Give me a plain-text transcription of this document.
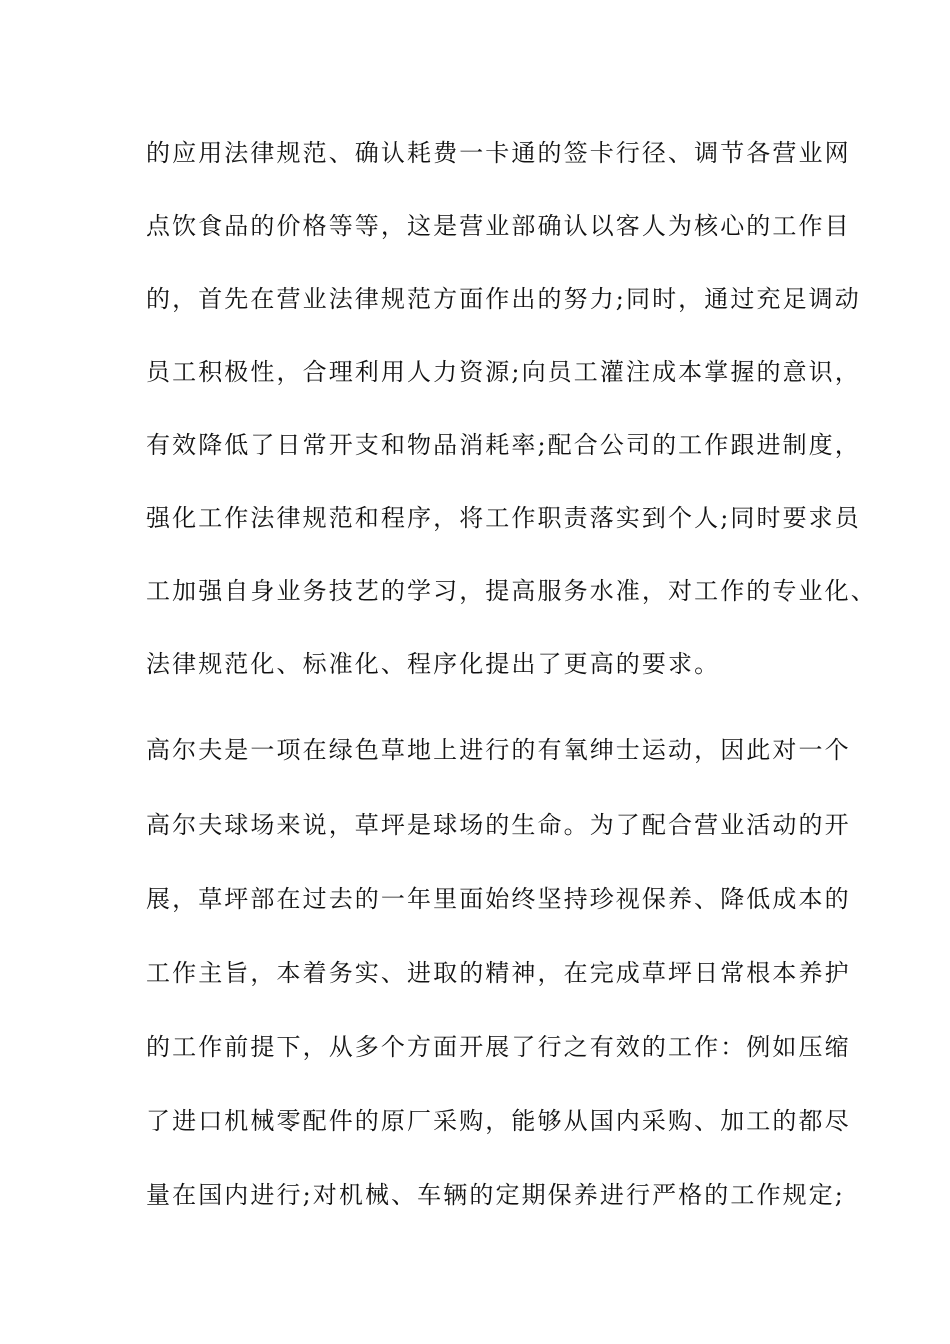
的应用法律规范、确认耗费一卡通的签卡行径、调节各营业网
点饮食品的价格等等，这是营业部确认以客人为核心的工作目
的，首先在营业法律规范方面作出的努力;同时，通过充足调动
员工积极性，合理利用人力资源;向员工灌注成本掌握的意识，
有效降低了日常开支和物品消耗率;配合公司的工作跟进制度，
强化工作法律规范和程序，将工作职责落实到个人;同时要求员
工加强自身业务技艺的学习，提高服务水准，对工作的专业化、
法律规范化、标准化、程序化提出了更高的要求。
高尔夫是一项在绿色草地上进行的有氧绅士运动，因此对一个
高尔夫球场来说，草坪是球场的生命。为了配合营业活动的开
展，草坪部在过去的一年里面始终坚持珍视保养、降低成本的
工作主旨，本着务实、进取的精神，在完成草坪日常根本养护
的工作前提下，从多个方面开展了行之有效的工作：例如压缩
了进口机械零配件的原厂采购，能够从国内采购、加工的都尽
量在国内进行;对机械、车辆的定期保养进行严格的工作规定;
